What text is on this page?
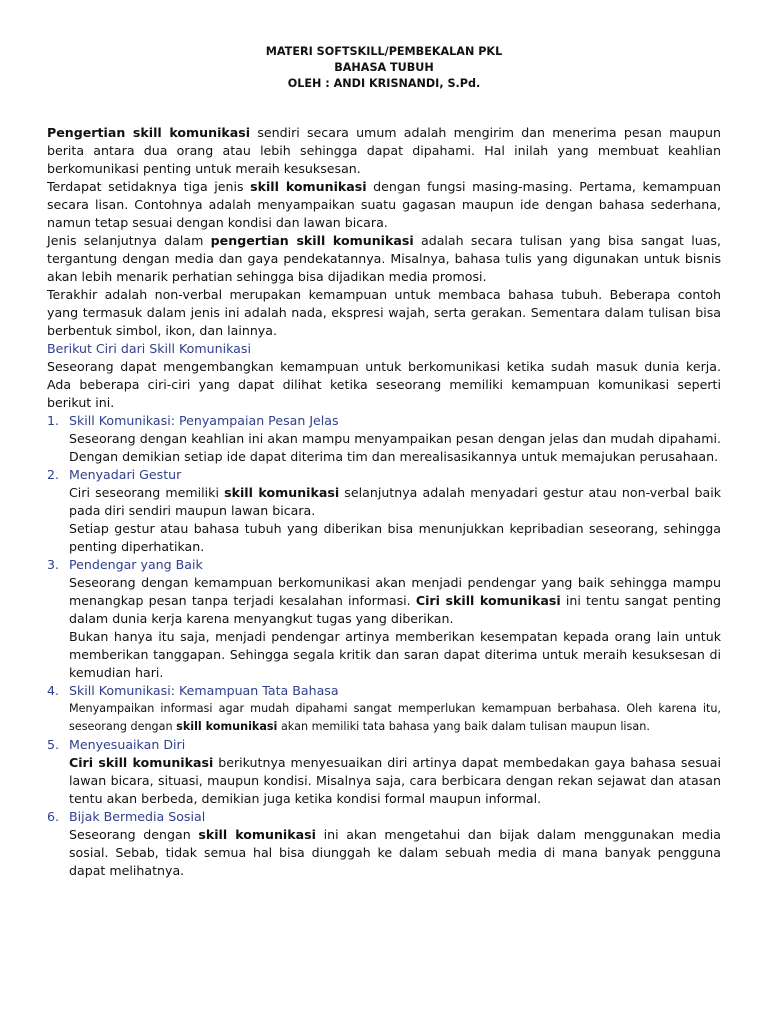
MATERI SOFTSKILL/PEMBEKALAN PKL
BAHASA TUBUH
OLEH : ANDI KRISNANDI, S.Pd.

Pengertian skill komunikasi sendiri secara umum adalah mengirim dan menerima pesan maupun berita antara dua orang atau lebih sehingga dapat dipahami. Hal inilah yang membuat keahlian berkomunikasi penting untuk meraih kesuksesan.

Terdapat setidaknya tiga jenis skill komunikasi dengan fungsi masing-masing. Pertama, kemampuan secara lisan. Contohnya adalah menyampaikan suatu gagasan maupun ide dengan bahasa sederhana, namun tetap sesuai dengan kondisi dan lawan bicara.

Jenis selanjutnya dalam pengertian skill komunikasi adalah secara tulisan yang bisa sangat luas, tergantung dengan media dan gaya pendekatannya. Misalnya, bahasa tulis yang digunakan untuk bisnis akan lebih menarik perhatian sehingga bisa dijadikan media promosi.

Terakhir adalah non-verbal merupakan kemampuan untuk membaca bahasa tubuh. Beberapa contoh yang termasuk dalam jenis ini adalah nada, ekspresi wajah, serta gerakan. Sementara dalam tulisan bisa berbentuk simbol, ikon, dan lainnya.

Berikut Ciri dari Skill Komunikasi

Seseorang dapat mengembangkan kemampuan untuk berkomunikasi ketika sudah masuk dunia kerja. Ada beberapa ciri-ciri yang dapat dilihat ketika seseorang memiliki kemampuan komunikasi seperti berikut ini.

1. Skill Komunikasi: Penyampaian Pesan Jelas
Seseorang dengan keahlian ini akan mampu menyampaikan pesan dengan jelas dan mudah dipahami. Dengan demikian setiap ide dapat diterima tim dan merealisasikannya untuk memajukan perusahaan.
2. Menyadari Gestur
Ciri seseorang memiliki skill komunikasi selanjutnya adalah menyadari gestur atau non-verbal baik pada diri sendiri maupun lawan bicara.
Setiap gestur atau bahasa tubuh yang diberikan bisa menunjukkan kepribadian seseorang, sehingga penting diperhatikan.
3. Pendengar yang Baik
Seseorang dengan kemampuan berkomunikasi akan menjadi pendengar yang baik sehingga mampu menangkap pesan tanpa terjadi kesalahan informasi. Ciri skill komunikasi ini tentu sangat penting dalam dunia kerja karena menyangkut tugas yang diberikan.
Bukan hanya itu saja, menjadi pendengar artinya memberikan kesempatan kepada orang lain untuk memberikan tanggapan. Sehingga segala kritik dan saran dapat diterima untuk meraih kesuksesan di kemudian hari.
4. Skill Komunikasi: Kemampuan Tata Bahasa
Menyampaikan informasi agar mudah dipahami sangat memperlukan kemampuan berbahasa. Oleh karena itu, seseorang dengan skill komunikasi akan memiliki tata bahasa yang baik dalam tulisan maupun lisan.
5. Menyesuaikan Diri
Ciri skill komunikasi berikutnya menyesuaikan diri artinya dapat membedakan gaya bahasa sesuai lawan bicara, situasi, maupun kondisi. Misalnya saja, cara berbicara dengan rekan sejawat dan atasan tentu akan berbeda, demikian juga ketika kondisi formal maupun informal.
6. Bijak Bermedia Sosial
Seseorang dengan skill komunikasi ini akan mengetahui dan bijak dalam menggunakan media sosial. Sebab, tidak semua hal bisa diunggah ke dalam sebuah media di mana banyak pengguna dapat melihatnya.
